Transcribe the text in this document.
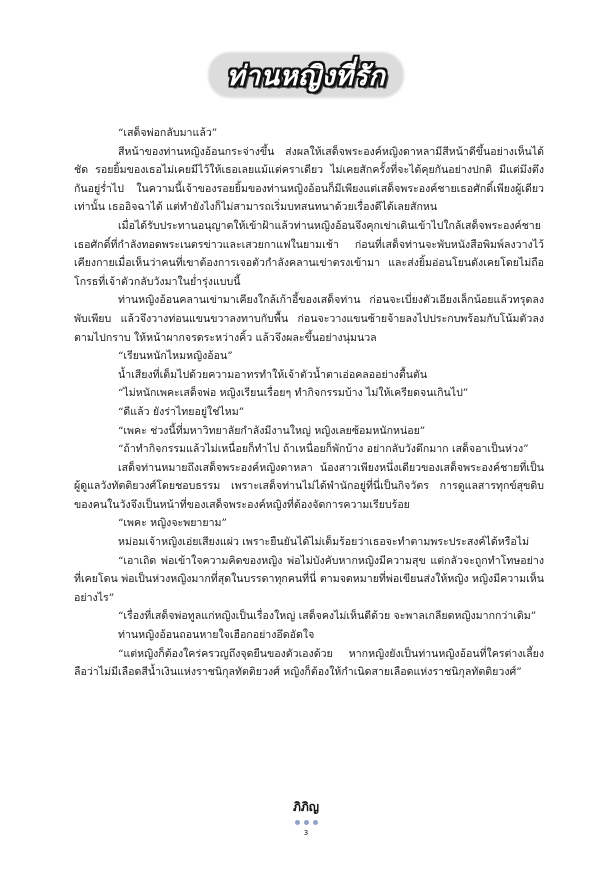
ท่านหญิงที่รัก

“เสด็จพ่อกลับมาแล้ว”

สีหน้าของท่านหญิงอ้อนกระจ่างขึ้น ส่งผลให้เสด็จพระองค์หญิงดาหลามีสีหน้าดีขึ้นอย่างเห็นได้ชัด รอยยิ้มของเธอไม่เคยมีไว้ให้เธอเลยแม้แต่คราเดียว ไม่เคยสักครั้งที่จะได้คุยกันอย่างปกติ มีแต่มึงตึงกันอยู่ร่ำไป ในความนี้เจ้าของรอยยิ้มของท่านหญิงอ้อนก็มีเพียงแต่เสด็จพระองค์ชายเธอศักดิ์เพียงผู้เดียวเท่านั้น เธออิจฉาได้ แต่ทำยังไงก็ไม่สามารถเริ่มบทสนทนาด้วยเรื่องดีได้เลยสักหน

เมื่อได้รับประทานอนุญาตให้เข้าฝ้าแล้วท่านหญิงอ้อนจึงคุกเข่าเดินเข้าไปใกล้เสด็จพระองค์ชายเธอศักดิ์ที่กำลังทอดพระเนตรข่าวและเสวยกาแฟในยามเช้า ก่อนที่เสด็จท่านจะพับหนังสือพิมพ์ลงวางไว้เคียงกายเมื่อเห็นว่าคนที่เขาต้องการเจอตัวกำลังคลานเข่าตรงเข้ามา และส่งยิ้มอ่อนโยนดังเคยโดยไม่ถือโกรธที่เจ้าตัวกลับวังมาในย่ำรุ่งแบบนี้

ท่านหญิงอ้อนคลานเข่ามาเคียงใกล้เก้าอี้ของเสด็จท่าน ก่อนจะเบี่ยงตัวเอียงเล็กน้อยแล้วทรุดลงพับเพียบ แล้วจึงวางท่อนแขนขวาลงทาบกับพื้น ก่อนจะวางแขนซ้ายจ้ายลงไปประกบพร้อมกับโน้มตัวลงตามไปกราบ ให้หน้าผากจรดระหว่างคิ้ว แล้วจึงผละขึ้นอย่างนุ่มนวล

“เรียนหนักไหมหญิงอ้อน”

น้ำเสียงที่เต็มไปด้วยความอาทรทำให้เจ้าตัวน้ำตาเอ่อคลออย่างตื้นตัน

“ไม่หนักเพคะเสด็จพ่อ หญิงเรียนเรื่อยๆ ทำกิจกรรมบ้าง ไม่ให้เครียดจนเกินไป”

“ดีแล้ว ยังร่าไทยอยู่ใช่ไหม”

“เพคะ ช่วงนี้ที่มหาวิทยาลัยกำลังมีงานใหญ่ หญิงเลยซ้อมหนักหน่อย”

“ถ้าทำกิจกรรมแล้วไม่เหนื่อยก็ทำไป ถ้าเหนื่อยก็พักบ้าง อย่ากลับวังดึกมาก เสด็จอาเป็นห่วง”

เสด็จท่านหมายถึงเสด็จพระองค์หญิงดาหลา น้องสาวเพียงหนึ่งเดียวของเสด็จพระองค์ชายที่เป็นผู้ดูแลวังทัตติยวงศ์โดยชอบธรรม เพราะเสด็จท่านไม่ได้พำนักอยู่ที่นี่เป็นกิจวัตร การดูแลสารทุกข์สุขดิบของคนในวังจึงเป็นหน้าที่ของเสด็จพระองค์หญิงที่ต้องจัดการความเรียบร้อย

“เพคะ หญิงจะพยายาม”

หม่อมเจ้าหญิงเอ่ยเสียงแผ่ว เพราะยืนยันได้ไม่เต็มร้อยว่าเธอจะทำตามพระประสงค์ได้หรือไม่

“เอาเถิด พ่อเข้าใจความคิดของหญิง พ่อไม่บังคับหากหญิงมีความสุข แต่กลัวจะถูกทำโทษอย่างที่เคยโดน พ่อเป็นห่วงหญิงมากที่สุดในบรรดาทุกคนที่นี่ ตามจดหมายที่พ่อเขียนส่งให้หญิง หญิงมีความเห็นอย่างไร”

“เรื่องที่เสด็จพ่อทูลแก่หญิงเป็นเรื่องใหญ่ เสด็จคงไม่เห็นดีด้วย จะพาลเกลียดหญิงมากกว่าเดิม”

ท่านหญิงอ้อนถอนหายใจเฮือกอย่างอึดอัดใจ

“แต่หญิงก็ต้องใคร่ครวญถึงจุดยืนของตัวเองด้วย หากหญิงยังเป็นท่านหญิงอ้อนที่ใครต่างเลี้ยงลือว่าไม่มีเลือดสีน้ำเงินแห่งราชนิกุลทัตติยวงศ์ หญิงก็ต้องให้กำเนิดสายเลือดแห่งราชนิกุลทัตติยวงศ์”

ภิภิญ
3
